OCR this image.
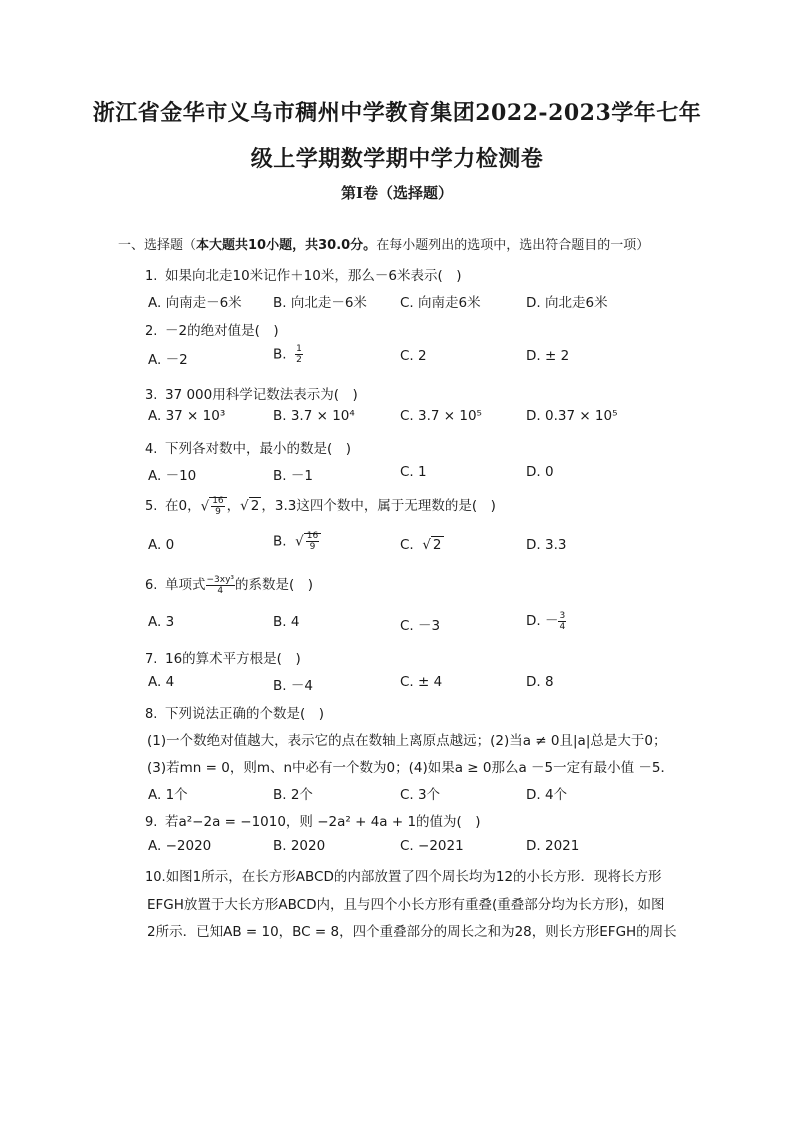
浙江省金华市义乌市稠州中学教育集团2022-2023学年七年
级上学期数学期中学力检测卷
第Ⅰ卷（选择题）
一、选择题（本大题共10小题，共30.0分。在每小题列出的选项中，选出符合题目的一项）
1. 如果向北走10米记作＋10米，那么－6米表示(　)
A. 向南走－6米 B. 向北走－6米 C. 向南走6米	D. 向北走6米
2. －2的绝对值是(　)
A. －2	B. $\frac{1}{2}$	C. 2	D. ± 2
3. 37 000用科学记数法表示为(　)
A. 37 × 10³	B. 3.7 × 10⁴	C. 3.7 × 10⁵	D. 0.37 × 10⁵
4. 下列各对数中，最小的数是(　)
A. －10	B. －1	C. 1	D. 0
5. 在0，√ $\frac{16}{9}$ ，√ 2 ，3.3这四个数中，属于无理数的是(　)
A. 0	B. √ $\frac{16}{9}$	C. √ 2	D. 3.3
6. 单项式 $\frac{\text{−3xy³}}{4}$ 的系数是(　)
A. 3	B. 4	C. －3	D. － $\frac{3}{4}$
7. 16的算术平方根是(　)
A. 4	B. －4	C. ± 4	D. 8
8. 下列说法正确的个数是(　)
(1)一个数绝对值越大，表示它的点在数轴上离原点越远；(2)当a ≠ 0且|a|总是大于0；
(3)若mn = 0，则m、n中必有一个数为0；(4)如果a ≥ 0那么a －5一定有最小值 －5．
A. 1个	B. 2个	C. 3个	D. 4个
9. 若a²−2a = −1010，则 −2a² + 4a + 1的值为(　)
A. −2020	B. 2020	C. −2021	D. 2021
10.如图1所示，在长方形ABCD的内部放置了四个周长均为12的小长方形．现将长方形
EFGH放置于大长方形ABCD内，且与四个小长方形有重叠(重叠部分均为长方形)，如图
2所示．已知AB = 10，BC = 8，四个重叠部分的周长之和为28，则长方形EFGH的周长
